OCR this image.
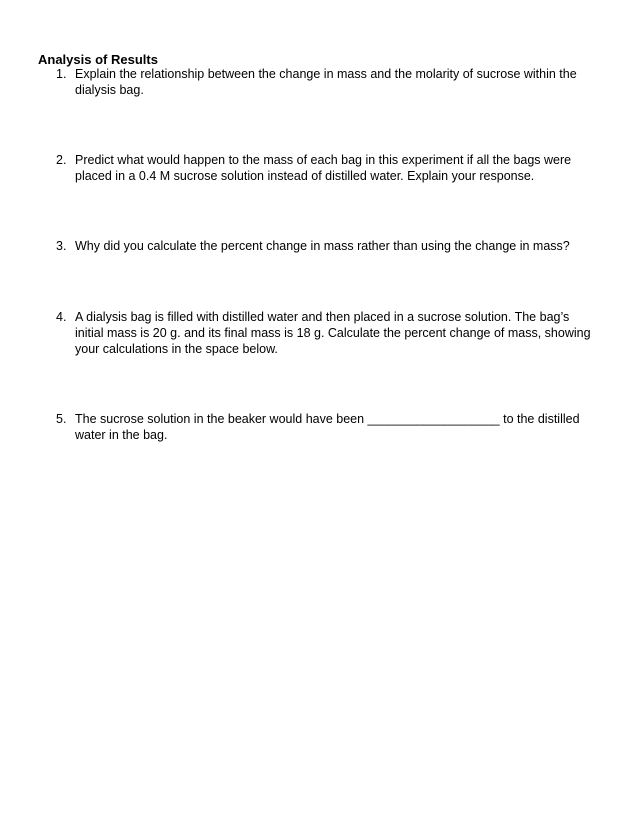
Analysis of Results
1. Explain the relationship between the change in mass and the molarity of sucrose within the
dialysis bag.
2. Predict what would happen to the mass of each bag in this experiment if all the bags were
placed in a 0.4 M sucrose solution instead of distilled water. Explain your response.
3. Why did you calculate the percent change in mass rather than using the change in mass?
4. A dialysis bag is filled with distilled water and then placed in a sucrose solution. The bag’s
initial mass is 20 g. and its final mass is 18 g. Calculate the percent change of mass, showing
your calculations in the space below.
5. The sucrose solution in the beaker would have been ___________________ to the distilled
water in the bag.
